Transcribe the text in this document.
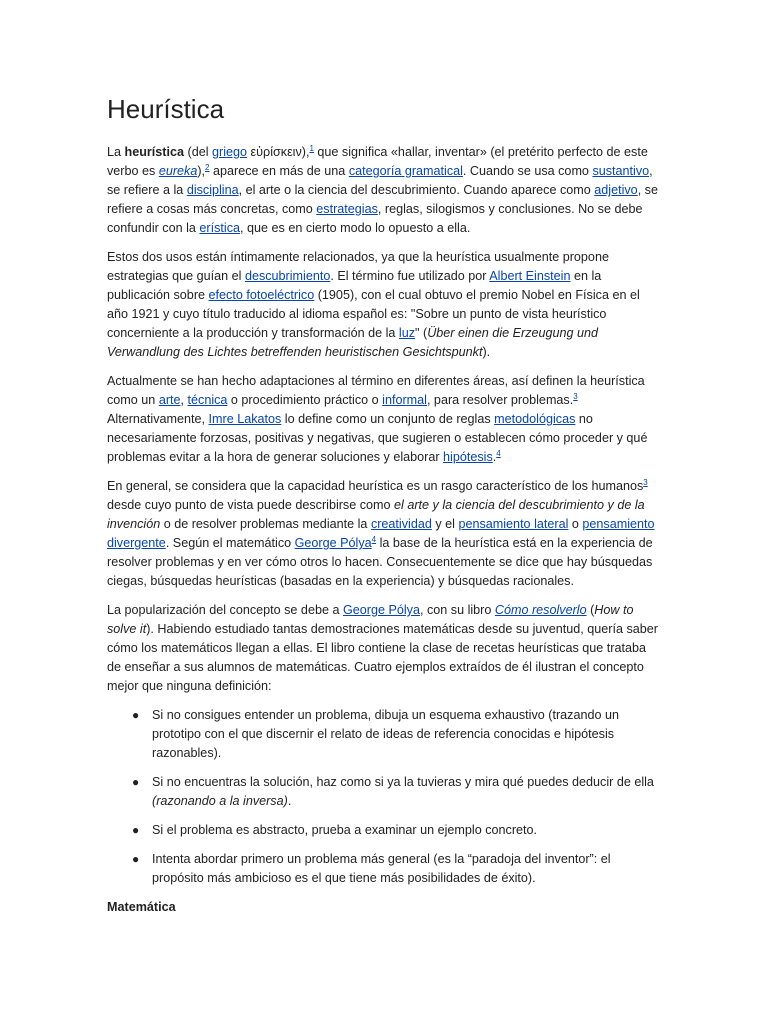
Heurística

La heurística (del griego εὑρίσκειν),$^1$ que significa «hallar, inventar» (el pretérito perfecto de este verbo es eureka),$^2$ aparece en más de una categoría gramatical. Cuando se usa como sustantivo, se refiere a la disciplina, el arte o la ciencia del descubrimiento. Cuando aparece como adjetivo, se refiere a cosas más concretas, como estrategias, reglas, silogismos y conclusiones. No se debe confundir con la erística, que es en cierto modo lo opuesto a ella.

Estos dos usos están íntimamente relacionados, ya que la heurística usualmente propone estrategias que guían el descubrimiento. El término fue utilizado por Albert Einstein en la publicación sobre efecto fotoeléctrico (1905), con el cual obtuvo el premio Nobel en Física en el año 1921 y cuyo título traducido al idioma español es: "Sobre un punto de vista heurístico concerniente a la producción y transformación de la luz" (Über einen die Erzeugung und Verwandlung des Lichtes betreffenden heuristischen Gesichtspunkt).

Actualmente se han hecho adaptaciones al término en diferentes áreas, así definen la heurística como un arte, técnica o procedimiento práctico o informal, para resolver problemas.$^3$ Alternativamente, Imre Lakatos lo define como un conjunto de reglas metodológicas no necesariamente forzosas, positivas y negativas, que sugieren o establecen cómo proceder y qué problemas evitar a la hora de generar soluciones y elaborar hipótesis.$^4$

En general, se considera que la capacidad heurística es un rasgo característico de los humanos$^3$ desde cuyo punto de vista puede describirse como el arte y la ciencia del descubrimiento y de la invención o de resolver problemas mediante la creatividad y el pensamiento lateral o pensamiento divergente. Según el matemático George Pólya$^4$ la base de la heurística está en la experiencia de resolver problemas y en ver cómo otros lo hacen. Consecuentemente se dice que hay búsquedas ciegas, búsquedas heurísticas (basadas en la experiencia) y búsquedas racionales.

La popularización del concepto se debe a George Pólya, con su libro Cómo resolverlo (How to solve it). Habiendo estudiado tantas demostraciones matemáticas desde su juventud, quería saber cómo los matemáticos llegan a ellas. El libro contiene la clase de recetas heurísticas que trataba de enseñar a sus alumnos de matemáticas. Cuatro ejemplos extraídos de él ilustran el concepto mejor que ninguna definición:

● Si no consigues entender un problema, dibuja un esquema exhaustivo (trazando un prototipo con el que discernir el relato de ideas de referencia conocidas e hipótesis razonables).
● Si no encuentras la solución, haz como si ya la tuvieras y mira qué puedes deducir de ella (razonando a la inversa).
● Si el problema es abstracto, prueba a examinar un ejemplo concreto.
● Intenta abordar primero un problema más general (es la “paradoja del inventor”: el propósito más ambicioso es el que tiene más posibilidades de éxito).

Matemática
